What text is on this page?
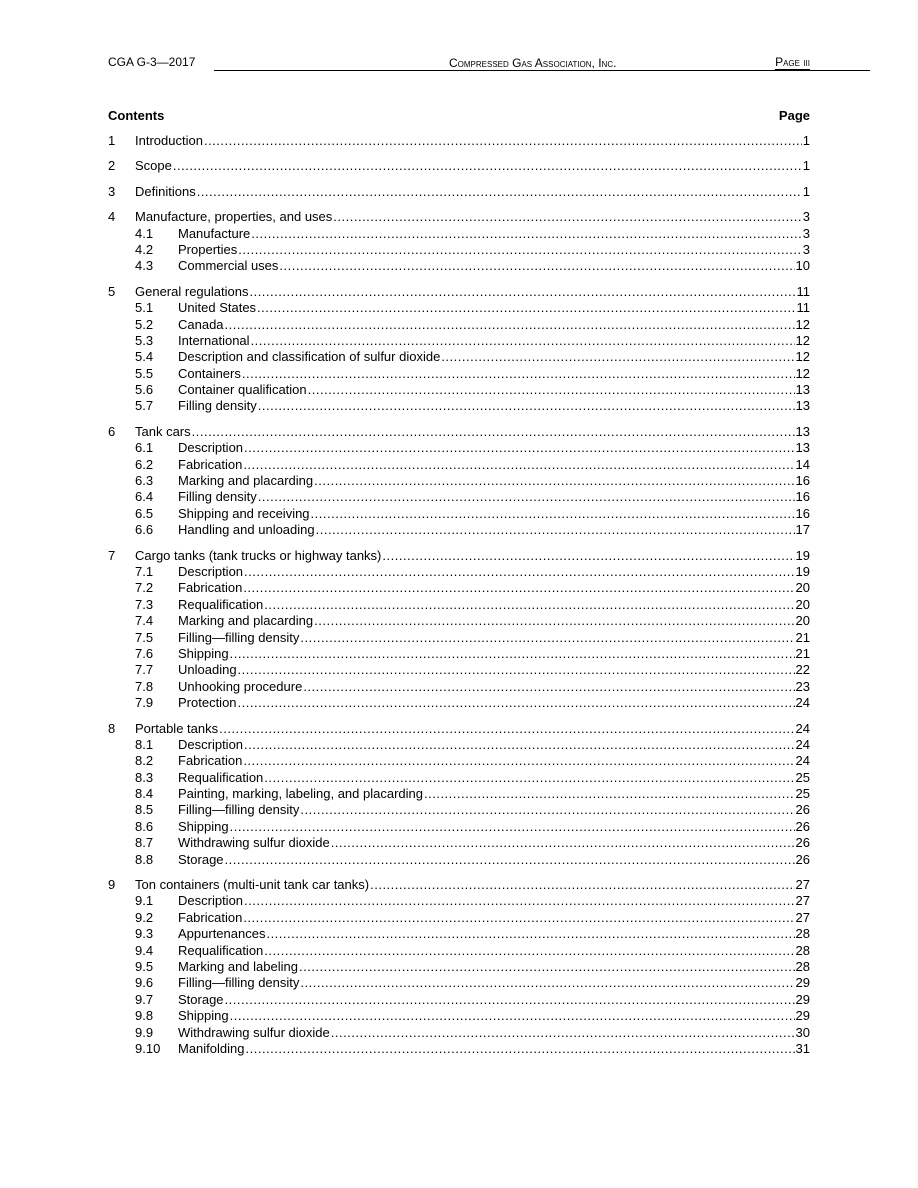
CGA G-3—2017	Compressed Gas Association, Inc.	Page iii
Contents	Page
1	Introduction .....	1
2	Scope .....	1
3	Definitions .....	1
4	Manufacture, properties, and uses .....	3
4.1	Manufacture .....	3
4.2	Properties .....	3
4.3	Commercial uses .....	10
5	General regulations .....	11
5.1	United States .....	11
5.2	Canada .....	12
5.3	International .....	12
5.4	Description and classification of sulfur dioxide .....	12
5.5	Containers .....	12
5.6	Container qualification .....	13
5.7	Filling density .....	13
6	Tank cars .....	13
6.1	Description .....	13
6.2	Fabrication .....	14
6.3	Marking and placarding .....	16
6.4	Filling density .....	16
6.5	Shipping and receiving .....	16
6.6	Handling and unloading .....	17
7	Cargo tanks (tank trucks or highway tanks) .....	19
7.1	Description .....	19
7.2	Fabrication .....	20
7.3	Requalification .....	20
7.4	Marking and placarding .....	20
7.5	Filling—filling density .....	21
7.6	Shipping .....	21
7.7	Unloading .....	22
7.8	Unhooking procedure .....	23
7.9	Protection .....	24
8	Portable tanks .....	24
8.1	Description .....	24
8.2	Fabrication .....	24
8.3	Requalification .....	25
8.4	Painting, marking, labeling, and placarding .....	25
8.5	Filling—filling density .....	26
8.6	Shipping .....	26
8.7	Withdrawing sulfur dioxide .....	26
8.8	Storage .....	26
9	Ton containers (multi-unit tank car tanks) .....	27
9.1	Description .....	27
9.2	Fabrication .....	27
9.3	Appurtenances .....	28
9.4	Requalification .....	28
9.5	Marking and labeling .....	28
9.6	Filling—filling density .....	29
9.7	Storage .....	29
9.8	Shipping .....	29
9.9	Withdrawing sulfur dioxide .....	30
9.10	Manifolding .....	31
